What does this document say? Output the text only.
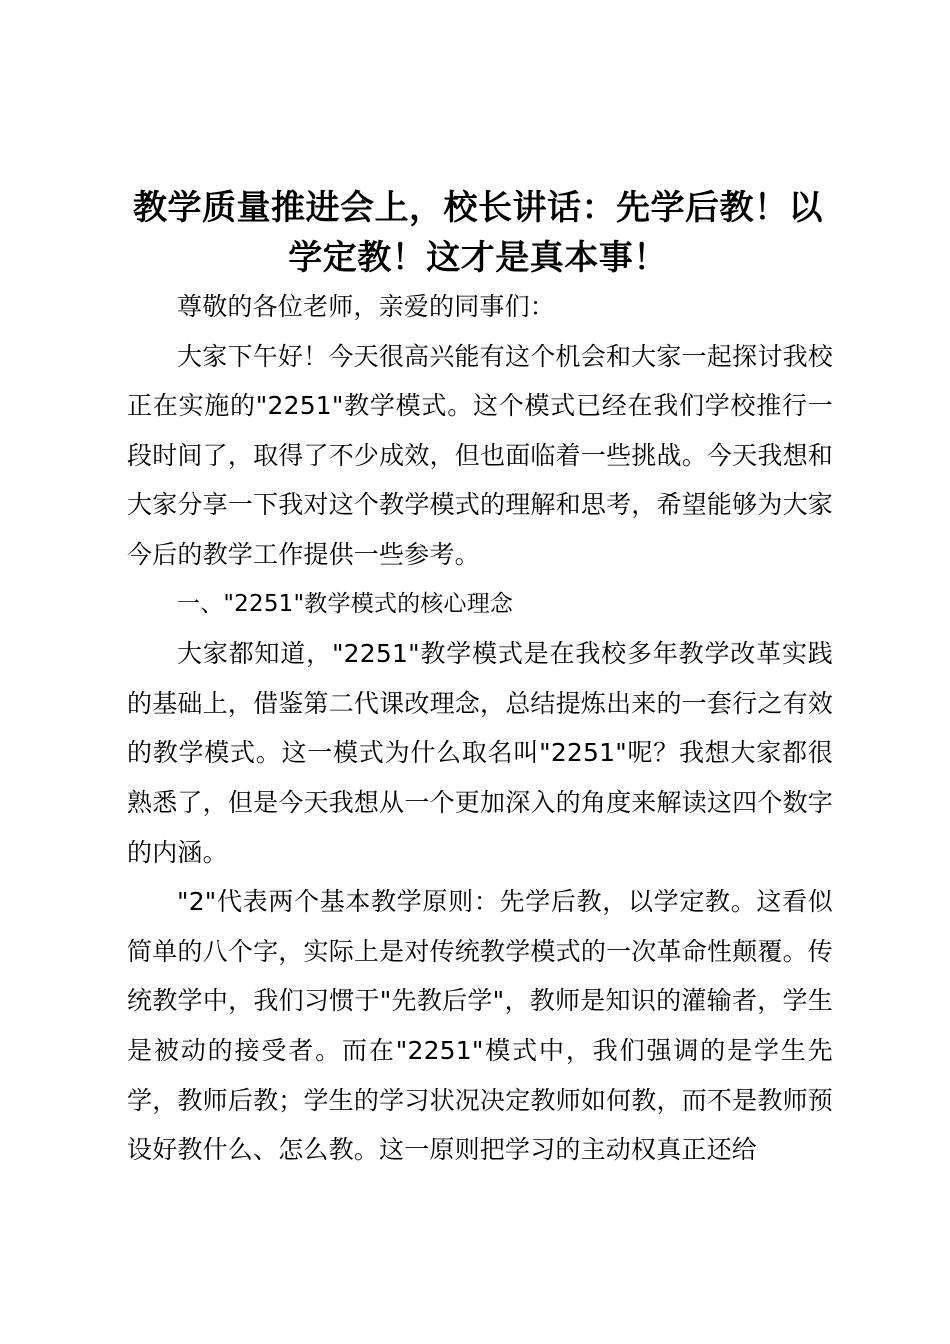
教学质量推进会上，校长讲话：先学后教！以学定教！这才是真本事！

尊敬的各位老师，亲爱的同事们：

大家下午好！今天很高兴能有这个机会和大家一起探讨我校正在实施的"2251"教学模式。这个模式已经在我们学校推行一段时间了，取得了不少成效，但也面临着一些挑战。今天我想和大家分享一下我对这个教学模式的理解和思考，希望能够为大家今后的教学工作提供一些参考。

一、"2251"教学模式的核心理念

大家都知道，"2251"教学模式是在我校多年教学改革实践的基础上，借鉴第二代课改理念，总结提炼出来的一套行之有效的教学模式。这一模式为什么取名叫"2251"呢？我想大家都很熟悉了，但是今天我想从一个更加深入的角度来解读这四个数字的内涵。

"2"代表两个基本教学原则：先学后教，以学定教。这看似简单的八个字，实际上是对传统教学模式的一次革命性颠覆。传统教学中，我们习惯于"先教后学"，教师是知识的灌输者，学生是被动的接受者。而在"2251"模式中，我们强调的是学生先学，教师后教；学生的学习状况决定教师如何教，而不是教师预设好教什么、怎么教。这一原则把学习的主动权真正还给
